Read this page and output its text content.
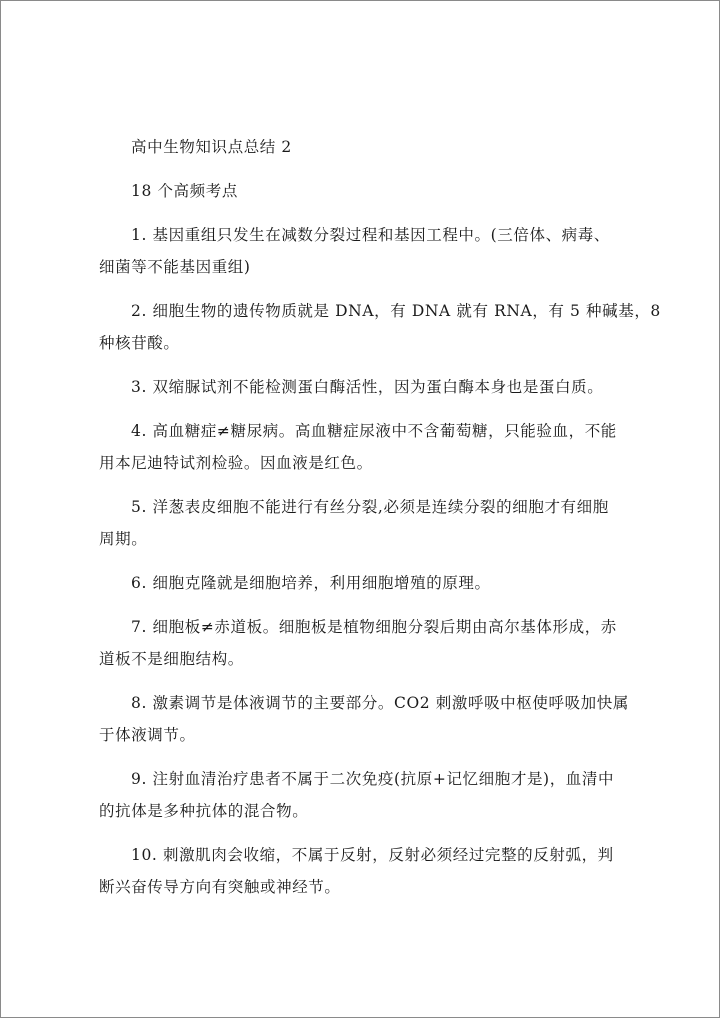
高中生物知识点总结 2
18 个高频考点
1. 基因重组只发生在减数分裂过程和基因工程中。(三倍体、病毒、
细菌等不能基因重组)
2. 细胞生物的遗传物质就是 DNA，有 DNA 就有 RNA，有 5 种碱基，8
种核苷酸。
3. 双缩脲试剂不能检测蛋白酶活性，因为蛋白酶本身也是蛋白质。
4. 高血糖症≠糖尿病。高血糖症尿液中不含葡萄糖，只能验血，不能
用本尼迪特试剂检验。因血液是红色。
5. 洋葱表皮细胞不能进行有丝分裂,必须是连续分裂的细胞才有细胞
周期。
6. 细胞克隆就是细胞培养，利用细胞增殖的原理。
7. 细胞板≠赤道板。细胞板是植物细胞分裂后期由高尔基体形成，赤
道板不是细胞结构。
8. 激素调节是体液调节的主要部分。CO2 刺激呼吸中枢使呼吸加快属
于体液调节。
9. 注射血清治疗患者不属于二次免疫(抗原+记忆细胞才是)，血清中
的抗体是多种抗体的混合物。
10. 刺激肌肉会收缩，不属于反射，反射必须经过完整的反射弧，判
断兴奋传导方向有突触或神经节。
